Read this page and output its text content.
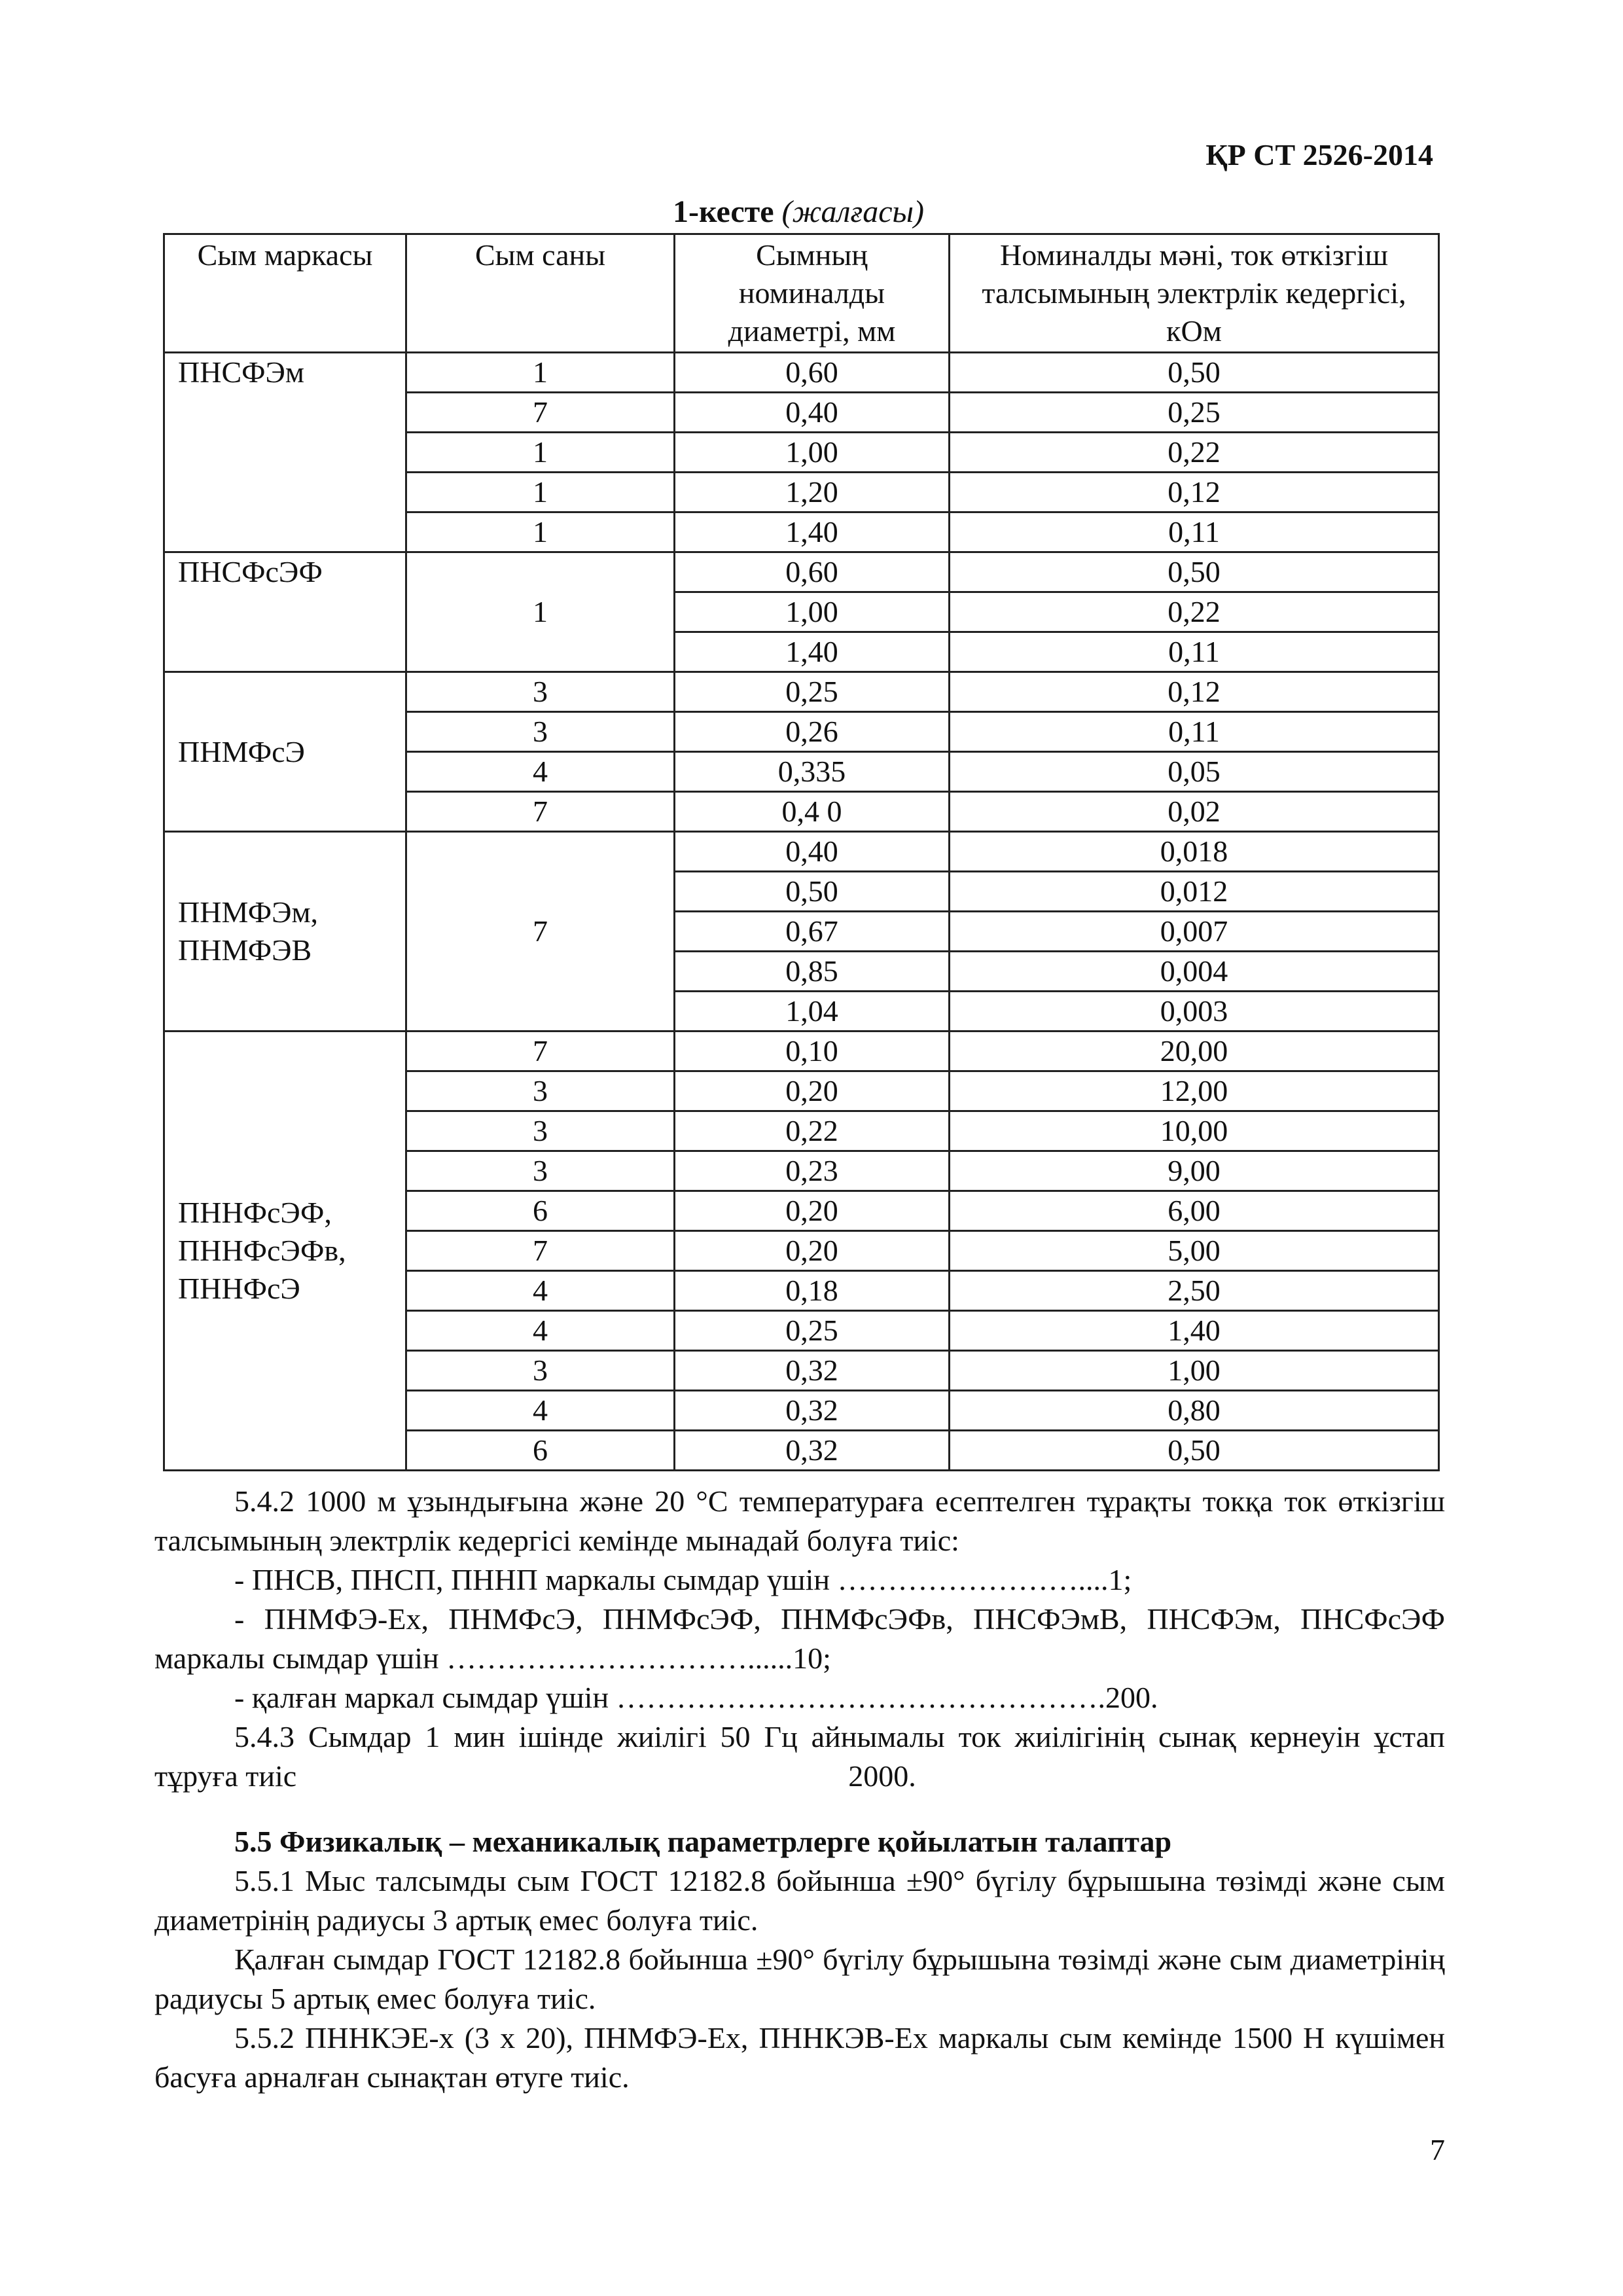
ҚР СТ 2526-2014
1-кесте (жалғасы)
Сым маркасы	Сым саны	Сымның номиналды диаметрі, мм	Номиналды мәні, ток өткізгіш талсымының электрлік кедергісі, кОм
ПНСФЭм	1	0,60	0,50
	7	0,40	0,25
	1	1,00	0,22
	1	1,20	0,12
	1	1,40	0,11
ПНСФсЭФ	1	0,60	0,50
		1,00	0,22
		1,40	0,11
ПНМФсЭ	3	0,25	0,12
	3	0,26	0,11
	4	0,335	0,05
	7	0,4 0	0,02

ПНМФЭм,
ПНМФЭВ	7	0,40	0,018
		0,50	0,012
		0,67	0,007
		0,85	0,004
		1,04	0,003

ПННФсЭФ,
ПННФсЭФв,
ПННФсЭ	7	0,10	20,00
	3	0,20	12,00
	3	0,22	10,00
	3	0,23	9,00
	6	0,20	6,00
	7	0,20	5,00
	4	0,18	2,50
	4	0,25	1,40
	3	0,32	1,00
	4	0,32	0,80
	6	0,32	0,50

5.4.2 1000 м ұзындығына және 20 °С температураға есептелген тұрақты токқа ток өткізгіш талсымының электрлік кедергісі кемінде мынадай болуға тиіс:

- ПНСВ, ПНСП, ПННП маркалы сымдар үшін ……………………....1;

- ПНМФЭ-Ех, ПНМФсЭ, ПНМФсЭФ, ПНМФсЭФв, ПНСФЭмВ, ПНСФЭм, ПНСФсЭФ маркалы сымдар үшін …………………………......10;

- қалған маркал сымдар үшін ………………………………………….200.

5.4.3 Сымдар 1 мин ішінде жиілігі 50 Гц айнымалы ток жиілігінің сынақ кернеуін ұстап тұруға тиіс	2000.

5.5 Физикалық – механикалық параметрлерге қойылатын талаптар

5.5.1 Мыс талсымды сым ГОСТ 12182.8 бойынша ±90° бүгілу бұрышына төзімді және сым диаметрінің радиусы 3 артық емес болуға тиіс.

Қалған сымдар ГОСТ 12182.8 бойынша ±90° бүгілу бұрышына төзімді және сым диаметрінің радиусы 5 артық емес болуға тиіс.

5.5.2 ПННКЭЕ-х (3 х 20), ПНМФЭ-Ех, ПННКЭВ-Ех маркалы сым кемінде 1500 Н күшімен басуға арналған сынақтан өтуге тиіс.

7
